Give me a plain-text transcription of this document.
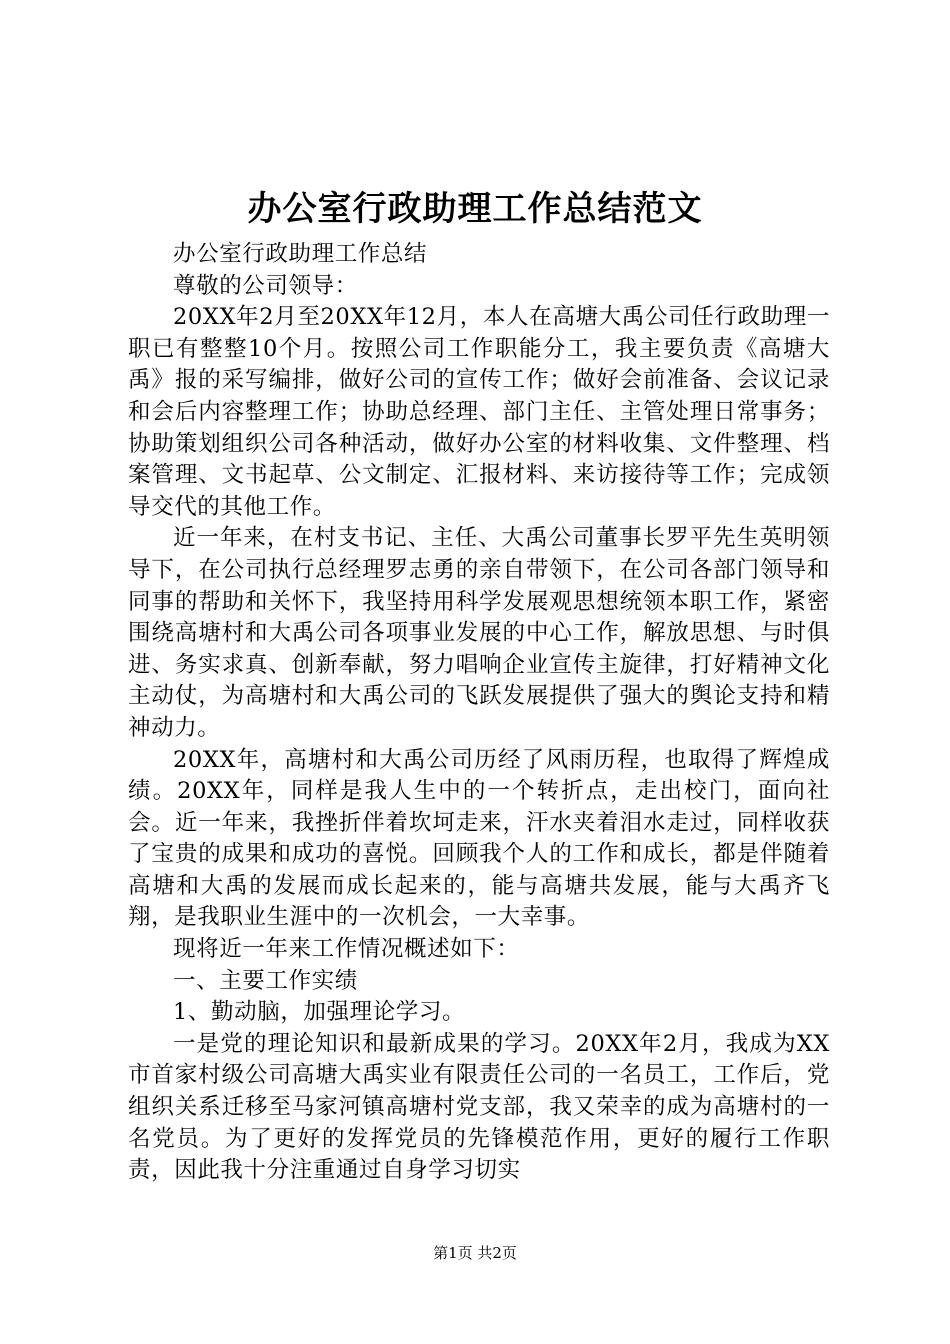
办公室行政助理工作总结范文

办公室行政助理工作总结

尊敬的公司领导：

20XX年2月至20XX年12月，本人在高塘大禹公司任行政助理一职已有整整10个月。按照公司工作职能分工，我主要负责《高塘大禹》报的采写编排，做好公司的宣传工作；做好会前准备、会议记录和会后内容整理工作；协助总经理、部门主任、主管处理日常事务；协助策划组织公司各种活动，做好办公室的材料收集、文件整理、档案管理、文书起草、公文制定、汇报材料、来访接待等工作；完成领导交代的其他工作。

近一年来，在村支书记、主任、大禹公司董事长罗平先生英明领导下，在公司执行总经理罗志勇的亲自带领下，在公司各部门领导和同事的帮助和关怀下，我坚持用科学发展观思想统领本职工作，紧密围绕高塘村和大禹公司各项事业发展的中心工作，解放思想、与时俱进、务实求真、创新奉献，努力唱响企业宣传主旋律，打好精神文化主动仗，为高塘村和大禹公司的飞跃发展提供了强大的舆论支持和精神动力。

20XX年，高塘村和大禹公司历经了风雨历程，也取得了辉煌成绩。20XX年，同样是我人生中的一个转折点，走出校门，面向社会。近一年来，我挫折伴着坎坷走来，汗水夹着泪水走过，同样收获了宝贵的成果和成功的喜悦。回顾我个人的工作和成长，都是伴随着高塘和大禹的发展而成长起来的，能与高塘共发展，能与大禹齐飞翔，是我职业生涯中的一次机会，一大幸事。

现将近一年来工作情况概述如下：

一、主要工作实绩

1、勤动脑，加强理论学习。

一是党的理论知识和最新成果的学习。20XX年2月，我成为XX市首家村级公司高塘大禹实业有限责任公司的一名员工，工作后，党组织关系迁移至马家河镇高塘村党支部，我又荣幸的成为高塘村的一名党员。为了更好的发挥党员的先锋模范作用，更好的履行工作职责，因此我十分注重通过自身学习切实

第1页 共2页
